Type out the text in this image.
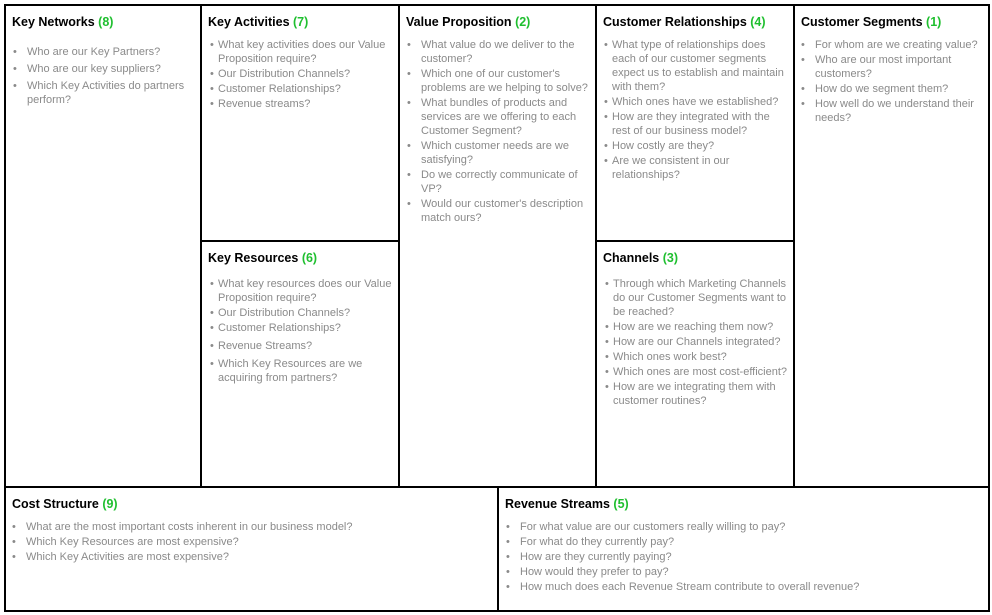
Key Networks (8)
• Who are our Key Partners?
• Who are our key suppliers?
• Which Key Activities do partners perform?
Key Activities (7)
• What key activities does our Value Proposition require?
• Our Distribution Channels?
• Customer Relationships?
• Revenue streams?
Key Resources (6)
• What key resources does our Value Proposition require?
• Our Distribution Channels?
• Customer Relationships?
• Revenue Streams?
• Which Key Resources are we acquiring from partners?
Value Proposition (2)
• What value do we deliver to the customer?
• Which one of our customer's problems are we helping to solve?
• What bundles of products and services are we offering to each Customer Segment?
• Which customer needs are we satisfying?
• Do we correctly communicate of VP?
• Would our customer's description match ours?
Customer Relationships (4)
• What type of relationships does each of our customer segments expect us to establish and maintain with them?
• Which ones have we established?
• How are they integrated with the rest of our business model?
• How costly are they?
• Are we consistent in our relationships?
Channels (3)
• Through which Marketing Channels do our Customer Segments want to be reached?
• How are we reaching them now?
• How are our Channels integrated?
• Which ones work best?
• Which ones are most cost-efficient?
• How are we integrating them with customer routines?
Customer Segments (1)
• For whom are we creating value?
• Who are our most important customers?
• How do we segment them?
• How well do we understand their needs?
Cost Structure (9)
• What are the most important costs inherent in our business model?
• Which Key Resources are most expensive?
• Which Key Activities are most expensive?
Revenue Streams (5)
• For what value are our customers really willing to pay?
• For what do they currently pay?
• How are they currently paying?
• How would they prefer to pay?
• How much does each Revenue Stream contribute to overall revenue?
